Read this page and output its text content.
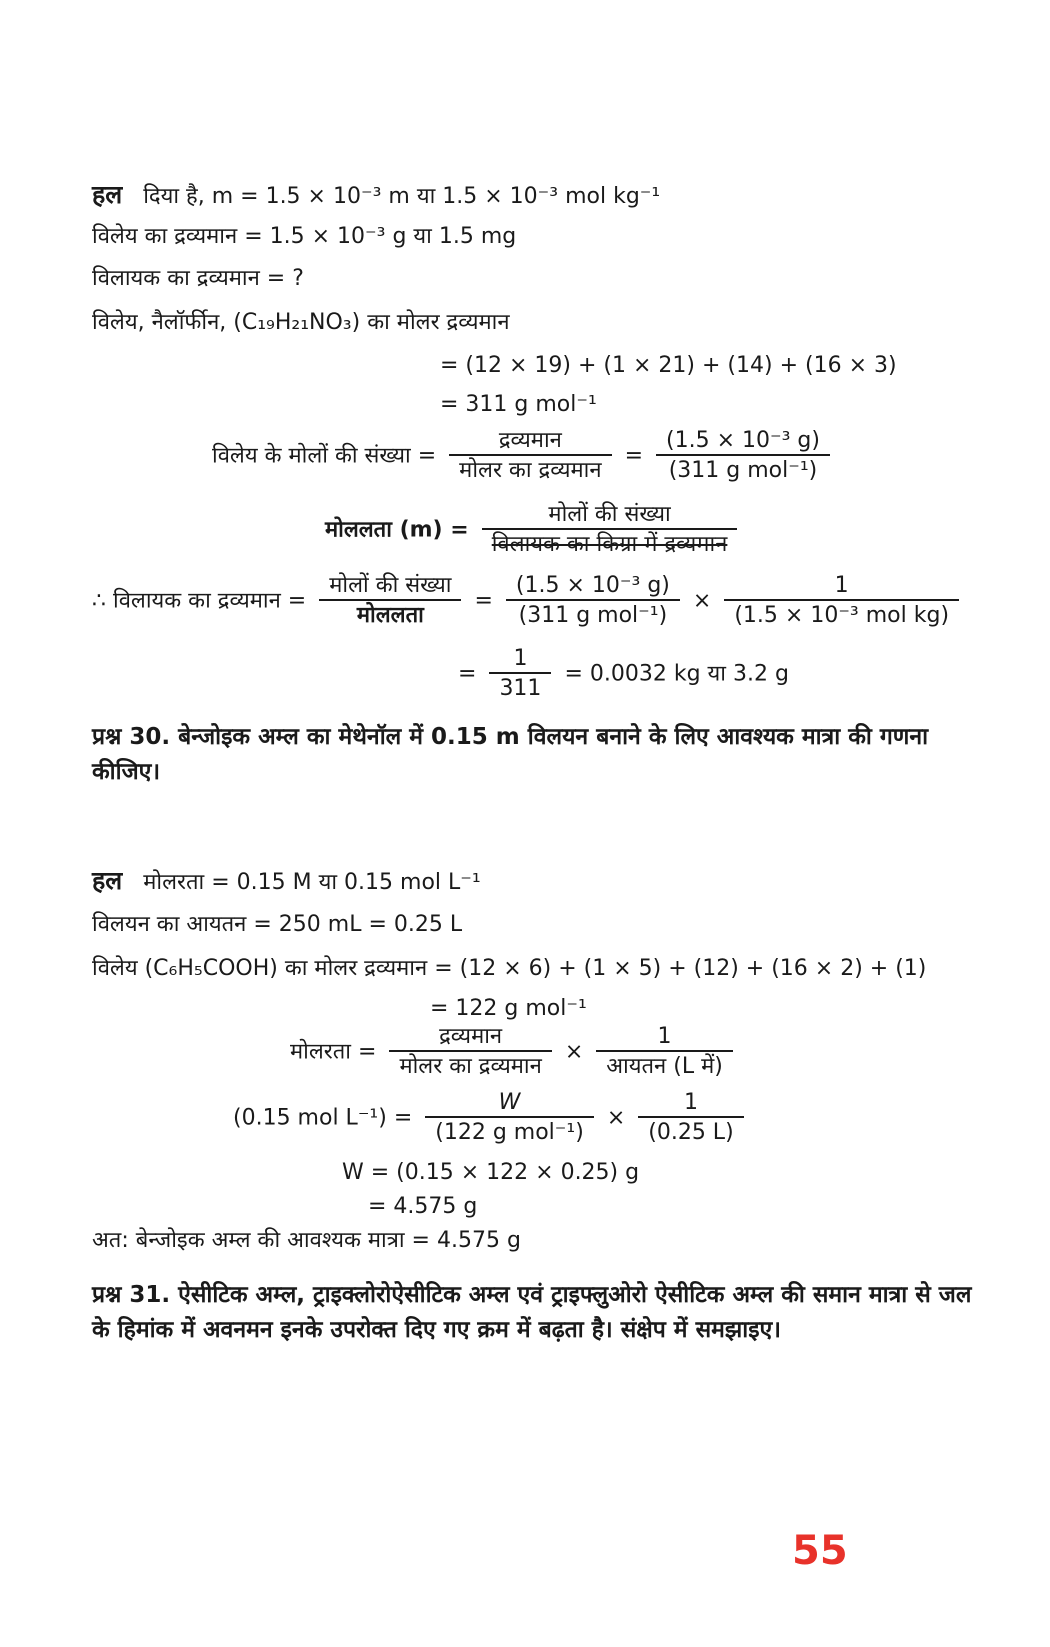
हल दिया है, m = 1.5 × 10⁻³ m या 1.5 × 10⁻³ mol kg⁻¹
विलेय का द्रव्यमान = 1.5 × 10⁻³ g या 1.5 mg
विलायक का द्रव्यमान = ?
विलेय, नैलॉर्फीन, (C₁₉H₂₁NO₃) का मोलर द्रव्यमान
= (12 × 19) + (1 × 21) + (14) + (16 × 3)
= 311 g mol⁻¹
विलेय के मोलों की संख्या =
द्रव्यमान
मोलर का द्रव्यमान
=
(1.5 × 10⁻³ g)
(311 g mol⁻¹)
मोललता (m) =
मोलों की संख्या
विलायक का किग्रा में द्रव्यमान
∴ विलायक का द्रव्यमान =
मोलों की संख्या
मोललता
=
(1.5 × 10⁻³ g)
(311 g mol⁻¹)
×
1
(1.5 × 10⁻³ mol kg)
= $\frac{1}{311} = 0.0032$ kg या 3.2 g
प्रश्न 30. बेन्जोइक अम्ल का मेथेनॉल में 0.15 m विलयन बनाने के लिए आवश्यक मात्रा की गणना कीजिए।
हल मोलरता = 0.15 M या 0.15 mol L⁻¹
विलयन का आयतन = 250 mL = 0.25 L
विलेय (C₆H₅COOH) का मोलर द्रव्यमान = (12 × 6) + (1 × 5) + (12) + (16 × 2) + (1)
= 122 g mol⁻¹
मोलरता =
द्रव्यमान
मोलर का द्रव्यमान
×
1
आयतन (L में)
(0.15 mol L⁻¹) =
W
(122 g mol⁻¹)
× $\frac{1}{(0.25 L)}$
W = (0.15 × 122 × 0.25) g
= 4.575 g
अत: बेन्जोइक अम्ल की आवश्यक मात्रा = 4.575 g
प्रश्न 31. ऐसीटिक अम्ल, ट्राइक्लोरोऐसीटिक अम्ल एवं ट्राइफ्लुओरो ऐसीटिक अम्ल की समान मात्रा से जल के हिमांक में अवनमन इनके उपरोक्त दिए गए क्रम में बढ़ता है। संक्षेप में समझाइए।
55
